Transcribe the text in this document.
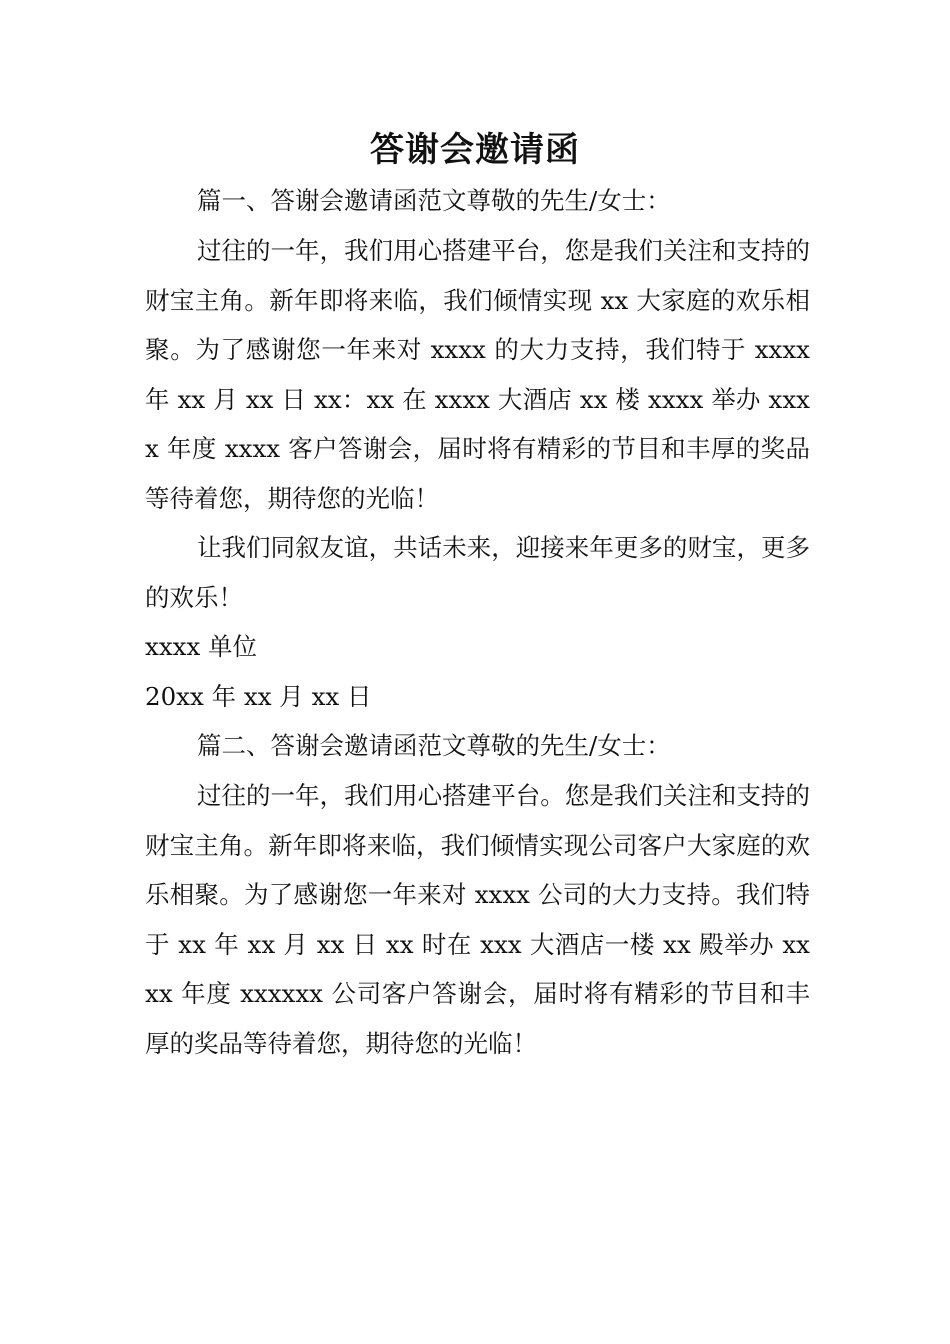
答谢会邀请函

篇一、答谢会邀请函范文尊敬的先生/女士：

过往的一年，我们用心搭建平台，您是我们关注和支持的财宝主角。新年即将来临，我们倾情实现 xx 大家庭的欢乐相聚。为了感谢您一年来对 xxxx 的大力支持，我们特于 xxxx 年 xx 月 xx 日 xx：xx 在 xxxx 大酒店 xx 楼 xxxx 举办 xxxx 年度 xxxx 客户答谢会，届时将有精彩的节目和丰厚的奖品等待着您，期待您的光临！

让我们同叙友谊，共话未来，迎接来年更多的财宝，更多的欢乐！

xxxx 单位

20xx 年 xx 月 xx 日

篇二、答谢会邀请函范文尊敬的先生/女士：

过往的一年，我们用心搭建平台。您是我们关注和支持的财宝主角。新年即将来临，我们倾情实现公司客户大家庭的欢乐相聚。为了感谢您一年来对 xxxx 公司的大力支持。我们特于 xx 年 xx 月 xx 日 xx 时在 xxx 大酒店一楼 xx 殿举办 xxxx 年度 xxxxxx 公司客户答谢会，届时将有精彩的节目和丰厚的奖品等待着您，期待您的光临！
